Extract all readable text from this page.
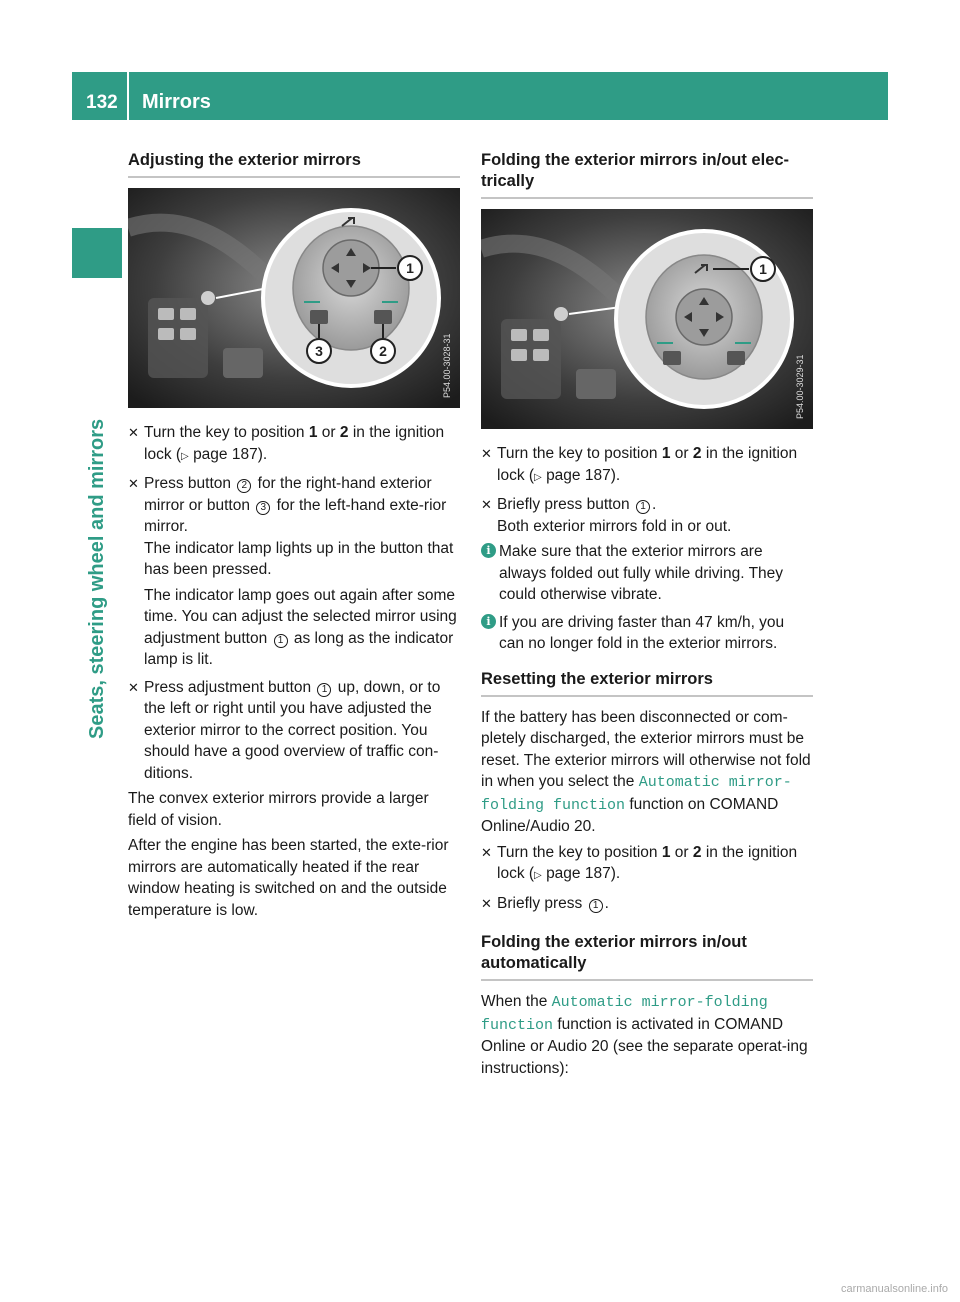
132 Mirrors
Seats, steering wheel and mirrors
Adjusting the exterior mirrors
1
3	2	P54.00-3028-31
✕ Turn the key to position 1 or 2 in the ignition lock (▷ page 187).
✕ Press button 2 for the right-hand exterior mirror or button 3 for the left-hand exte-rior mirror.
The indicator lamp lights up in the button that has been pressed.
The indicator lamp goes out again after some time. You can adjust the selected mirror using adjustment button 1 as long as the indicator lamp is lit.
✕ Press adjustment button 1 up, down, or to the left or right until you have adjusted the exterior mirror to the correct position. You should have a good overview of traffic con-ditions.
The convex exterior mirrors provide a larger field of vision.
After the engine has been started, the exte-rior mirrors are automatically heated if the rear window heating is switched on and the outside temperature is low.
Folding the exterior mirrors in/out elec-trically
1
P54.00-3029-31
✕ Turn the key to position 1 or 2 in the ignition lock (▷ page 187).
✕ Briefly press button 1 .
Both exterior mirrors fold in or out.
i Make sure that the exterior mirrors are always folded out fully while driving. They could otherwise vibrate.
i If you are driving faster than 47 km/h, you can no longer fold in the exterior mirrors.
Resetting the exterior mirrors
If the battery has been disconnected or com-pletely discharged, the exterior mirrors must be reset. The exterior mirrors will otherwise not fold in when you select the Automatic mirror-folding function function on COMAND Online/Audio 20.
✕ Turn the key to position 1 or 2 in the ignition lock (▷ page 187).
✕ Briefly press 1 .
Folding the exterior mirrors in/out automatically
When the Automatic mirror-folding function function is activated in COMAND Online or Audio 20 (see the separate operat-ing instructions):
carmanualsonline.info
